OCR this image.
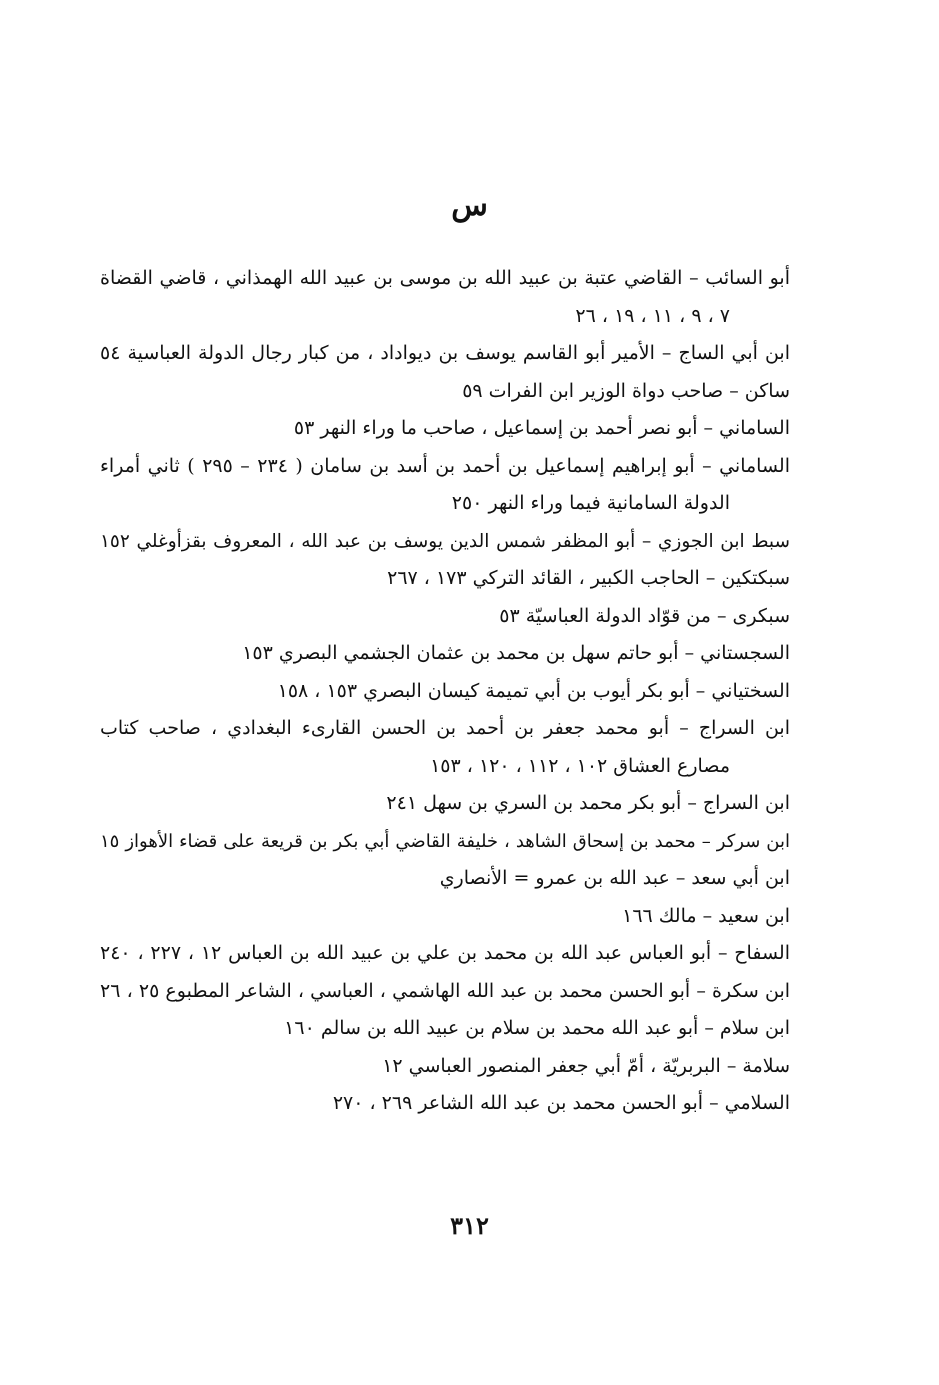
س
أبو السائب – القاضي عتبة بن عبيد الله بن موسى بن عبيد الله الهمذاني ، قاضي القضاة
٧ ، ٩ ، ١١ ، ١٩ ، ٢٦
ابن أبي الساج – الأمير أبو القاسم يوسف بن ديواداد ، من كبار رجال الدولة العباسية ٥٤
ساكن – صاحب دواة الوزير ابن الفرات ٥٩
الساماني – أبو نصر أحمد بن إسماعيل ، صاحب ما وراء النهر ٥٣
الساماني – أبو إبراهيم إسماعيل بن أحمد بن أسد بن سامان ( ٢٣٤ – ٢٩٥ ) ثاني أمراء
الدولة السامانية فيما وراء النهر ٢٥٠
سبط ابن الجوزي – أبو المظفر شمس الدين يوسف بن عبد الله ، المعروف بقزأوغلي ١٥٢
سبكتكين – الحاجب الكبير ، القائد التركي ١٧٣ ، ٢٦٧
سبكرى – من قوّاد الدولة العباسيّة ٥٣
السجستاني – أبو حاتم سهل بن محمد بن عثمان الجشمي البصري ١٥٣
السختياني – أبو بكر أيوب بن أبي تميمة كيسان البصري ١٥٣ ، ١٥٨
ابن السراج – أبو محمد جعفر بن أحمد بن الحسن القارىء البغدادي ، صاحب كتاب
مصارع العشاق ١٠٢ ، ١١٢ ، ١٢٠ ، ١٥٣
ابن السراج – أبو بكر محمد بن السري بن سهل ٢٤١
ابن سركر – محمد بن إسحاق الشاهد ، خليفة القاضي أبي بكر بن قريعة على قضاء الأهواز ١٥
ابن أبي سعد – عبد الله بن عمرو = الأنصاري
ابن سعيد – مالك ١٦٦
السفاح – أبو العباس عبد الله بن محمد بن علي بن عبيد الله بن العباس ١٢ ، ٢٢٧ ، ٢٤٠
ابن سكرة – أبو الحسن محمد بن عبد الله الهاشمي ، العباسي ، الشاعر المطبوع ٢٥ ، ٢٦
ابن سلام – أبو عبد الله محمد بن سلام بن عبيد الله بن سالم ١٦٠
سلامة – البربريّة ، أمّ أبي جعفر المنصور العباسي ١٢
السلامي – أبو الحسن محمد بن عبد الله الشاعر ٢٦٩ ، ٢٧٠
٣١٢
